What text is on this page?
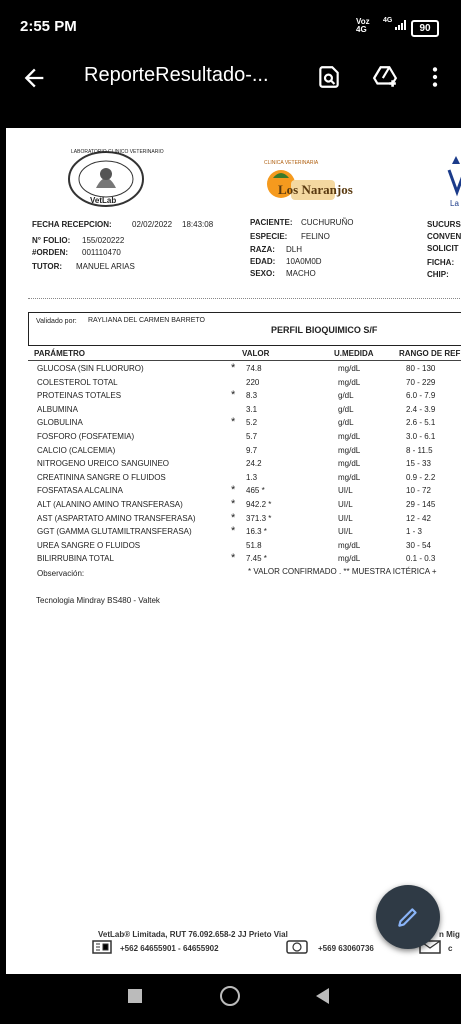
2:55 PM	Voz
4G
4G
90
ReporteResultado-...
LABORATORIO CLINICO VETERINARIO
VetLab
CLINICA VETERINARIA
Los Naranjos
La
FECHA RECEPCION:	02/02/2022 18:43:08
N° FOLIO: 155/020222
#ORDEN: 001110470
TUTOR: MANUEL ARIAS
PACIENTE: CUCHURUÑO
ESPECIE: FELINO
RAZA: DLH
EDAD: 10A0M0D
SEXO: MACHO
SUCURS
CONVEN
SOLICIT
FICHA:
CHIP:
Validado por: RAYLIANA DEL CARMEN BARRETO
PERFIL BIOQUIMICO S/F
PARÁMETRO	VALOR	U.MEDIDA	RANGO DE REF
GLUCOSA (SIN FLUORURO)	* 74.8	mg/dL	80 - 130
COLESTEROL TOTAL	220	mg/dL	70 - 229
PROTEINAS TOTALES	* 8.3	g/dL	6.0 - 7.9
ALBUMINA	3.1	g/dL	2.4 - 3.9
GLOBULINA	* 5.2	g/dL	2.6 - 5.1
FOSFORO (FOSFATEMIA)	5.7	mg/dL	3.0 - 6.1
CALCIO (CALCEMIA)	9.7	mg/dL	8 - 11.5
NITROGENO UREICO SANGUINEO	24.2	mg/dL	15 - 33
CREATININA SANGRE O FLUIDOS	1.3	mg/dL	0.9 - 2.2
FOSFATASA ALCALINA	* 465 *	UI/L	10 - 72
ALT (ALANINO AMINO TRANSFERASA)	* 942.2 *	UI/L	29 - 145
AST (ASPARTATO AMINO TRANSFERASA)	* 371.3 *	UI/L	12 - 42
GGT (GAMMA GLUTAMILTRANSFERASA)	* 16.3 *	UI/L	1 - 3
UREA SANGRE O FLUIDOS	51.8	mg/dL	30 - 54
BILIRRUBINA TOTAL	* 7.45 *	mg/dL	0.1 - 0.3
Observación:	* VALOR CONFIRMADO . ** MUESTRA ICTÉRICA +
Tecnologia Mindray BS480 - Valtek
VetLab® Limitada, RUT 76.092.658-2 JJ Prieto Vial	n Mig
+562 64655901 - 64655902	+569 63060736	c
